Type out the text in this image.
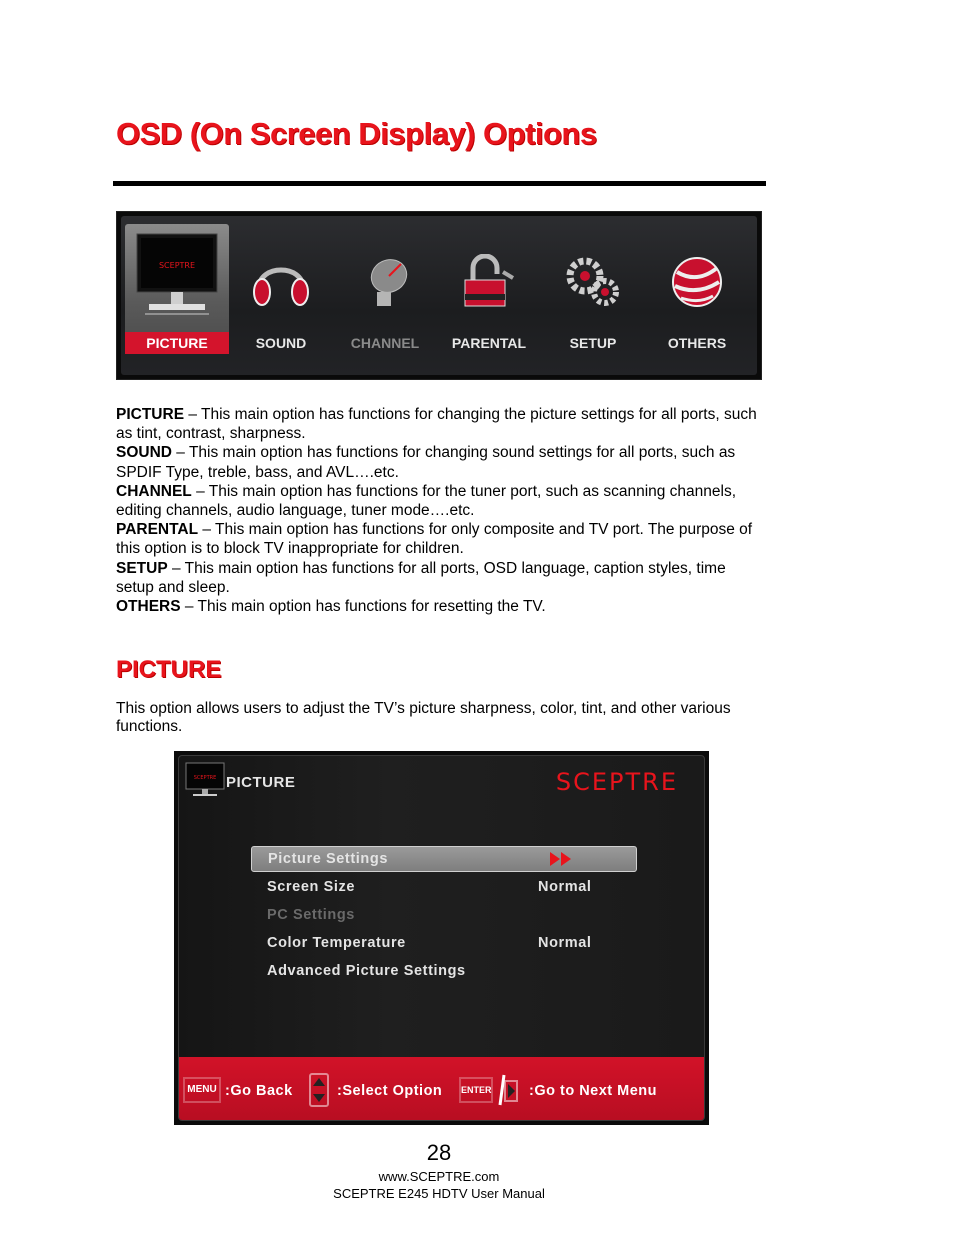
OSD (On Screen Display) Options
SCEPTRE
PICTURE	SOUND	CHANNEL	PARENTAL	SETUP	OTHERS

PICTURE – This main option has functions for changing the picture settings for all ports, such as tint, contrast, sharpness.

SOUND – This main option has functions for changing sound settings for all ports, such as SPDIF Type, treble, bass, and AVL….etc.

CHANNEL – This main option has functions for the tuner port, such as scanning channels, editing channels, audio language, tuner mode….etc.

PARENTAL – This main option has functions for only composite and TV port. The purpose of this option is to block TV inappropriate for children.

SETUP – This main option has functions for all ports, OSD language, caption styles, time setup and sleep.

OTHERS – This main option has functions for resetting the TV.

PICTURE
This option allows users to adjust the TV’s picture sharpness, color, tint, and other various functions.
SCEPTRE PICTURE	SCEPTRE
Picture Settings
Screen Size	Normal
PC Settings
Color Temperature	Normal
Advanced Picture Settings
MENU :Go Back	:Select Option ENTER	:Go to Next Menu
28
www.SCEPTRE.com
SCEPTRE E245 HDTV User Manual
